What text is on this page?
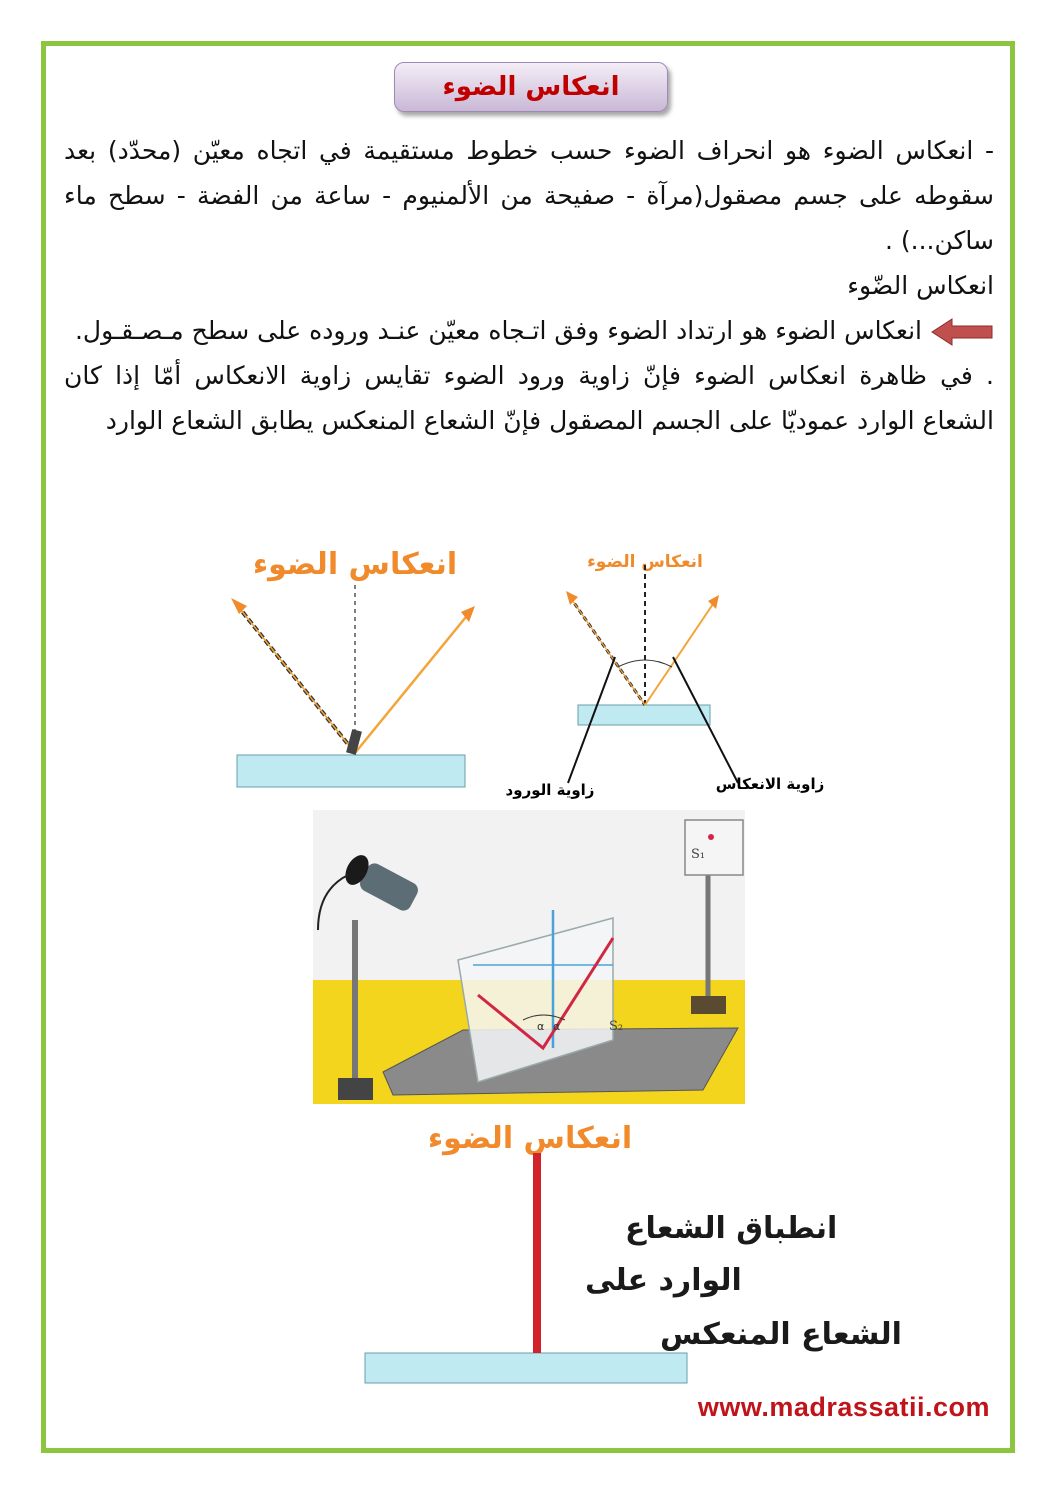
انعكاس الضوء

- انعكاس الضوء هو انحراف الضوء حسب خطوط مستقيمة في اتجاه معيّن (محدّد) بعد سقوطه على جسم مصقول(مرآة - صفيحة من الألمنيوم - ساعة من الفضة - سطح ماء ساكن...) .

انعكاس الضّوء

انعكاس الضوء هو ارتداد الضوء وفق اتـجاه معيّن عنـد وروده على سطح مـصـقـول.

. في ظاهرة انعكاس الضوء فإنّ زاوية ورود الضوء تقايس زاوية الانعكاس أمّا إذا كان الشعاع الوارد عموديّا على الجسم المصقول فإنّ الشعاع المنعكس يطابق الشعاع الوارد

انعكاس الضوء	انعكاس الضوء
زاوية الورود	زاوية الانعكاس
α α	S₂
S₁
انعكاس الضوء
انطباق الشعاع
الوارد على
الشعاع المنعكس
www.madrassatii.com
